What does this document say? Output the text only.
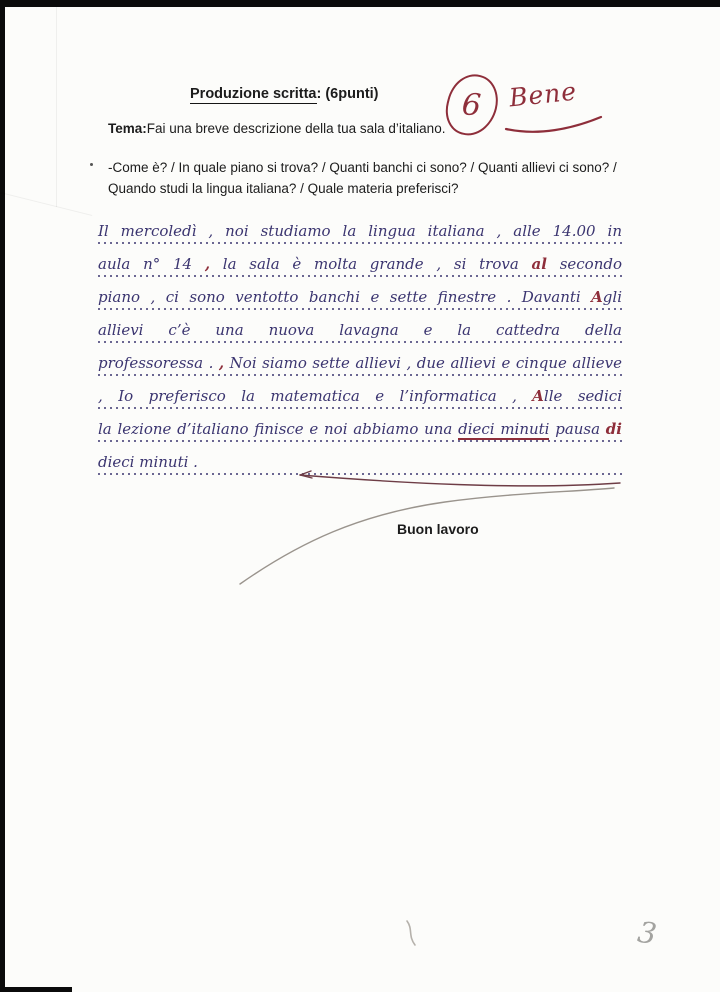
Produzione scritta: (6punti)	6 Bene
Tema:Fai una breve descrizione della tua sala d’italiano.
-Come è? / In quale piano si trova? / Quanti banchi ci sono? / Quanti allievi ci sono? /
Quando studi la lingua italiana? / Quale materia preferisci?
Il mercoledì , noi studiamo la lingua italiana , alle 14.00 in
aula n° 14 , la sala è molta grande , si trova al secondo
piano , ci sono ventotto banchi e sette finestre . Davanti Agli
allievi c’è una nuova lavagna e la cattedra della
professoressa . , Noi siamo sette allievi , due allievi e cinque allieve
, Io preferisco la matematica e l’informatica , Alle sedici
la lezione d’italiano finisce e noi abbiamo una dieci minuti pausa di
dieci minuti .
Buon lavoro
3
